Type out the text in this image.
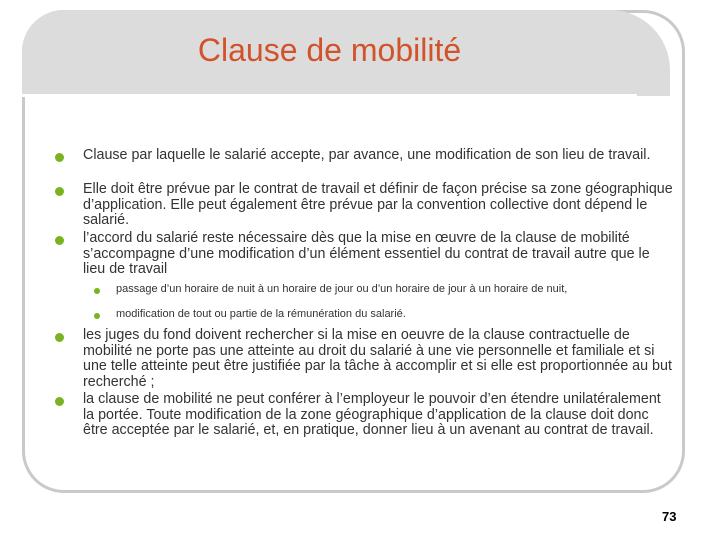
Clause de mobilité

Clause par laquelle le salarié accepte, par avance, une modification de son lieu de travail.

Elle doit être prévue par le contrat de travail et définir de façon précise sa zone géographique d’application. Elle peut également être prévue par la convention collective dont dépend le salarié.

l’accord du salarié reste nécessaire dès que la mise en œuvre de la clause de mobilité s’accompagne d’une modification d’un élément essentiel du contrat de travail autre que le lieu de travail

passage d’un horaire de nuit à un horaire de jour ou d’un horaire de jour à un horaire de nuit,

modification de tout ou partie de la rémunération du salarié.

les juges du fond doivent rechercher si la mise en oeuvre de la clause contractuelle de mobilité ne porte pas une atteinte au droit du salarié à une vie personnelle et familiale et si une telle atteinte peut être justifiée par la tâche à accomplir et si elle est proportionnée au but recherché ;

la clause de mobilité ne peut conférer à l’employeur le pouvoir d’en étendre unilatéralement la portée. Toute modification de la zone géographique d’application de la clause doit donc être acceptée par le salarié, et, en pratique, donner lieu à un avenant au contrat de travail.

73
